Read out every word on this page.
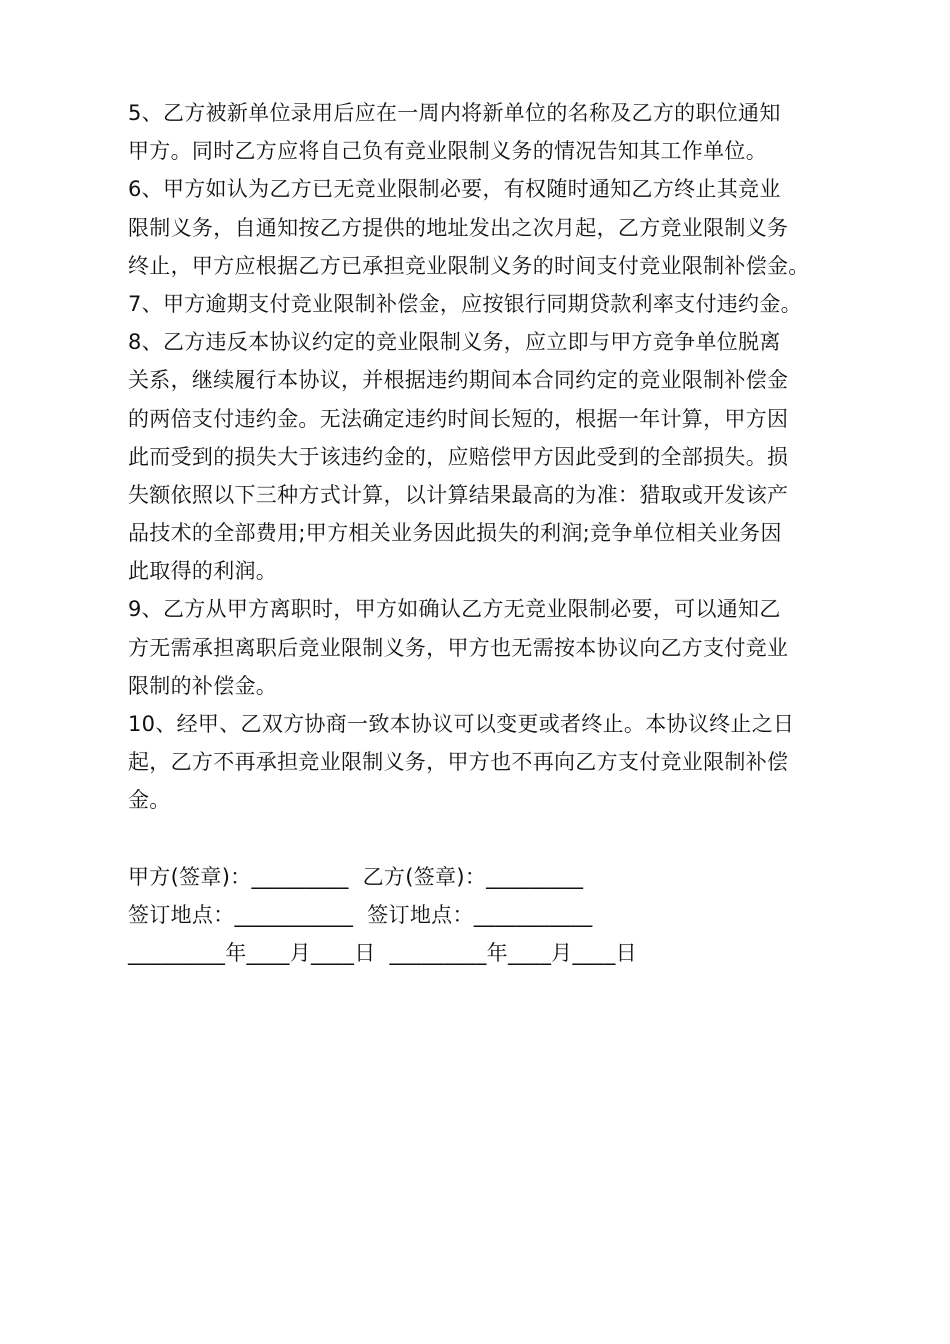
5、乙方被新单位录用后应在一周内将新单位的名称及乙方的职位通知
甲方。同时乙方应将自己负有竞业限制义务的情况告知其工作单位。
6、甲方如认为乙方已无竞业限制必要，有权随时通知乙方终止其竞业
限制义务，自通知按乙方提供的地址发出之次月起，乙方竞业限制义务
终止，甲方应根据乙方已承担竞业限制义务的时间支付竞业限制补偿金。
7、甲方逾期支付竞业限制补偿金，应按银行同期贷款利率支付违约金。
8、乙方违反本协议约定的竞业限制义务，应立即与甲方竞争单位脱离
关系，继续履行本协议，并根据违约期间本合同约定的竞业限制补偿金
的两倍支付违约金。无法确定违约时间长短的，根据一年计算，甲方因
此而受到的损失大于该违约金的，应赔偿甲方因此受到的全部损失。损
失额依照以下三种方式计算，以计算结果最高的为准：猎取或开发该产
品技术的全部费用;甲方相关业务因此损失的利润;竞争单位相关业务因
此取得的利润。
9、乙方从甲方离职时，甲方如确认乙方无竞业限制必要，可以通知乙
方无需承担离职后竞业限制义务，甲方也无需按本协议向乙方支付竞业
限制的补偿金。
10、经甲、乙双方协商一致本协议可以变更或者终止。本协议终止之日
起，乙方不再承担竞业限制义务，甲方也不再向乙方支付竞业限制补偿
金。
甲方(签章)：_________  乙方(签章)：_________
签订地点：___________  签订地点：___________
_________年____月____日  _________年____月____日
